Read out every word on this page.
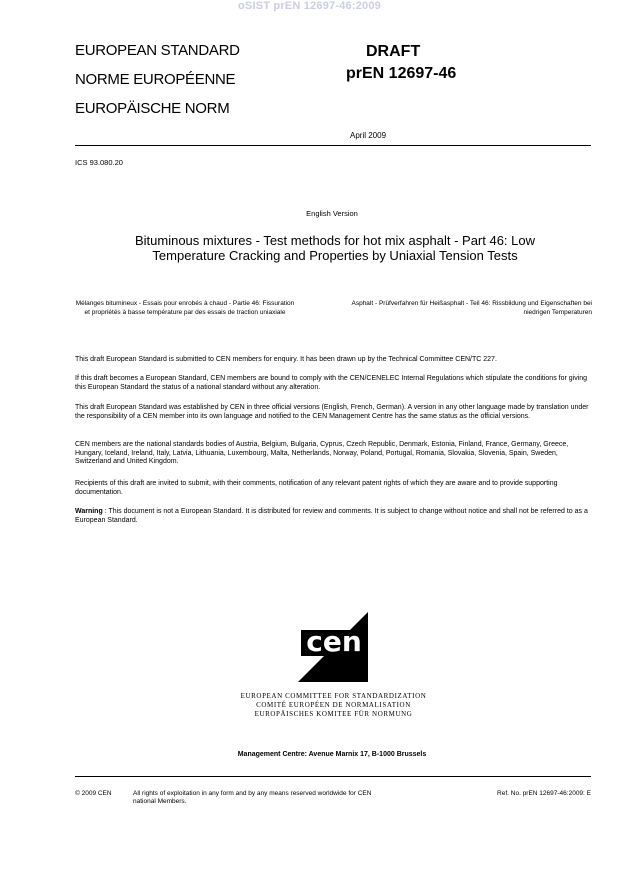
oSIST prEN 12697-46:2009
EUROPEAN STANDARD
NORME EUROPÉENNE
EUROPÄISCHE NORM
DRAFT
prEN 12697-46
April 2009
ICS 93.080.20
English Version
Bituminous mixtures - Test methods for hot mix asphalt - Part 46: Low Temperature Cracking and Properties by Uniaxial Tension Tests
Mélanges bitumineux - Essais pour enrobés à chaud - Partie 46: Fissuration et propriétés à basse température par des essais de traction uniaxiale
Asphalt - Prüfverfahren für Heißasphalt - Teil 46: Rissbildung und Eigenschaften bei niedrigen Temperaturen
This draft European Standard is submitted to CEN members for enquiry. It has been drawn up by the Technical Committee CEN/TC 227.
If this draft becomes a European Standard, CEN members are bound to comply with the CEN/CENELEC Internal Regulations which stipulate the conditions for giving this European Standard the status of a national standard without any alteration.
This draft European Standard was established by CEN in three official versions (English, French, German). A version in any other language made by translation under the responsibility of a CEN member into its own language and notified to the CEN Management Centre has the same status as the official versions.
CEN members are the national standards bodies of Austria, Belgium, Bulgaria, Cyprus, Czech Republic, Denmark, Estonia, Finland, France, Germany, Greece, Hungary, Iceland, Ireland, Italy, Latvia, Lithuania, Luxembourg, Malta, Netherlands, Norway, Poland, Portugal, Romania, Slovakia, Slovenia, Spain, Sweden, Switzerland and United Kingdom.
Recipients of this draft are invited to submit, with their comments, notification of any relevant patent rights of which they are aware and to provide supporting documentation.
Warning : This document is not a European Standard. It is distributed for review and comments. It is subject to change without notice and shall not be referred to as a European Standard.
cen
EUROPEAN COMMITTEE FOR STANDARDIZATION
COMITÉ EUROPÉEN DE NORMALISATION
EUROPÄISCHES KOMITEE FÜR NORMUNG
Management Centre: Avenue Marnix 17, B-1000 Brussels
© 2009 CEN	All rights of exploitation in any form and by any means reserved worldwide for CEN national Members.
Ref. No. prEN 12697-46:2009: E
